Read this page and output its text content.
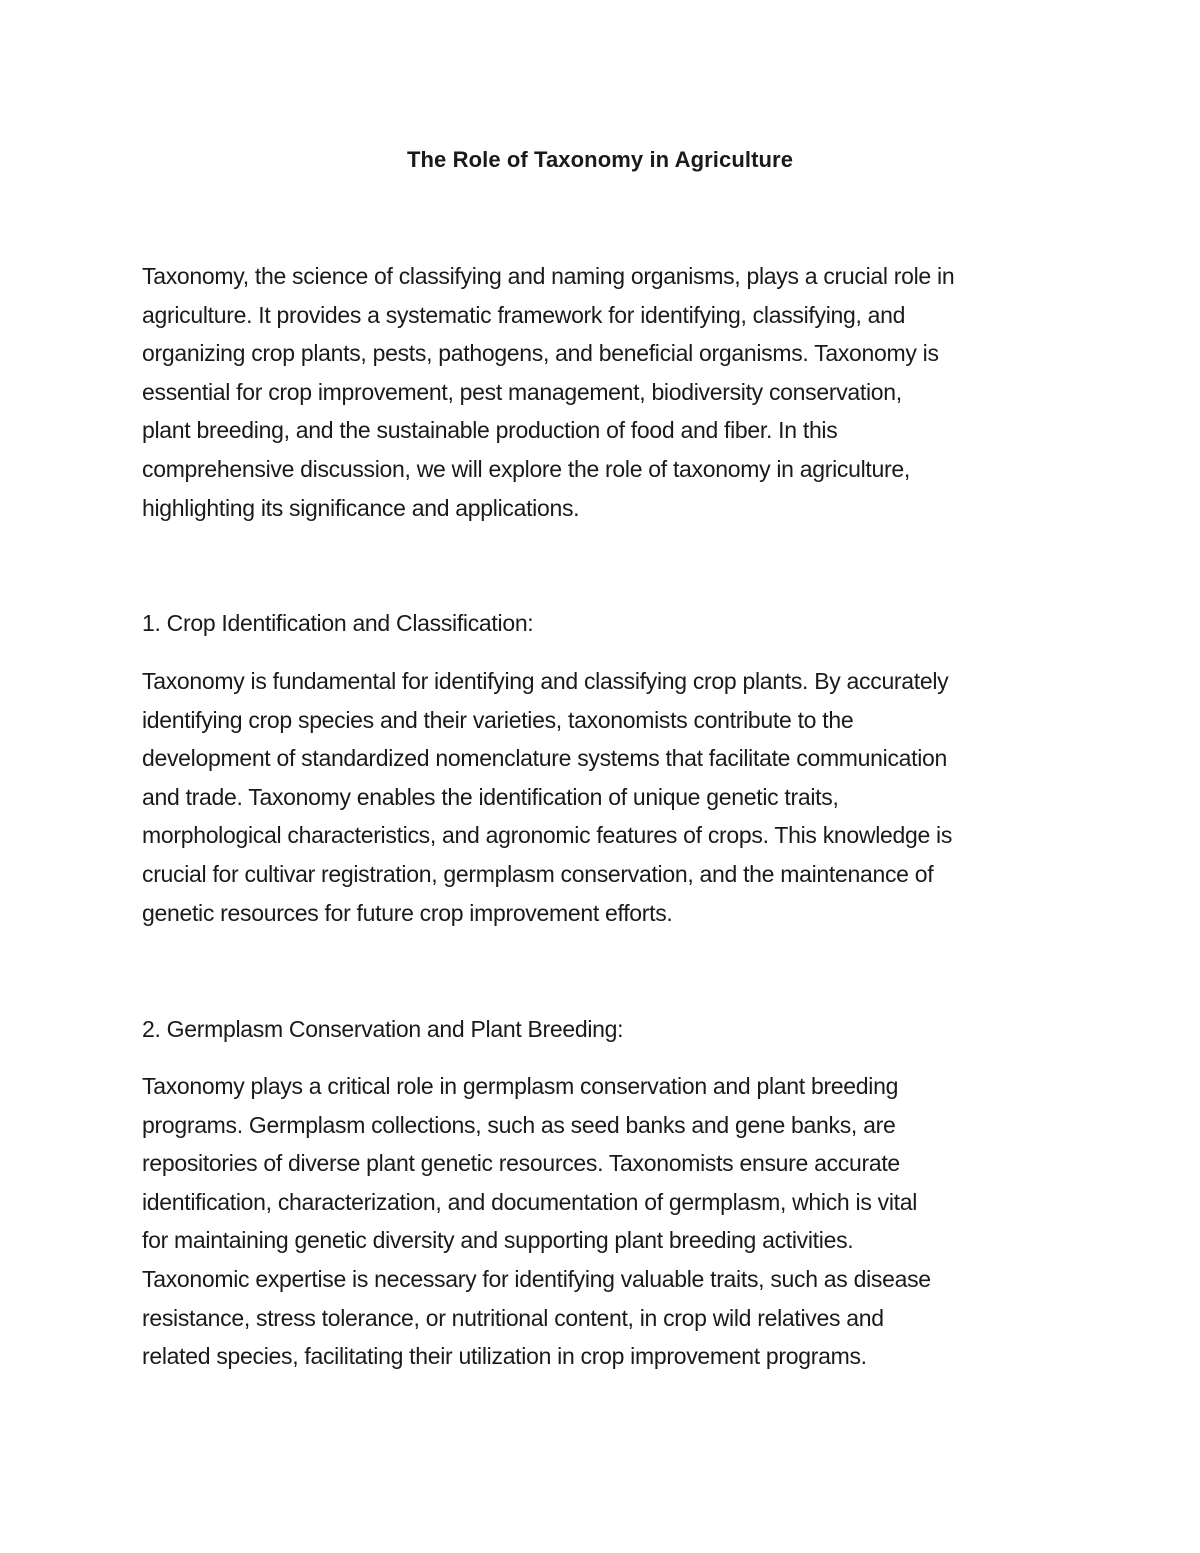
The Role of Taxonomy in Agriculture
Taxonomy, the science of classifying and naming organisms, plays a crucial role in
agriculture. It provides a systematic framework for identifying, classifying, and
organizing crop plants, pests, pathogens, and beneficial organisms. Taxonomy is
essential for crop improvement, pest management, biodiversity conservation,
plant breeding, and the sustainable production of food and fiber. In this
comprehensive discussion, we will explore the role of taxonomy in agriculture,
highlighting its significance and applications.
1. Crop Identification and Classification:
Taxonomy is fundamental for identifying and classifying crop plants. By accurately
identifying crop species and their varieties, taxonomists contribute to the
development of standardized nomenclature systems that facilitate communication
and trade. Taxonomy enables the identification of unique genetic traits,
morphological characteristics, and agronomic features of crops. This knowledge is
crucial for cultivar registration, germplasm conservation, and the maintenance of
genetic resources for future crop improvement efforts.
2. Germplasm Conservation and Plant Breeding:
Taxonomy plays a critical role in germplasm conservation and plant breeding
programs. Germplasm collections, such as seed banks and gene banks, are
repositories of diverse plant genetic resources. Taxonomists ensure accurate
identification, characterization, and documentation of germplasm, which is vital
for maintaining genetic diversity and supporting plant breeding activities.
Taxonomic expertise is necessary for identifying valuable traits, such as disease
resistance, stress tolerance, or nutritional content, in crop wild relatives and
related species, facilitating their utilization in crop improvement programs.
